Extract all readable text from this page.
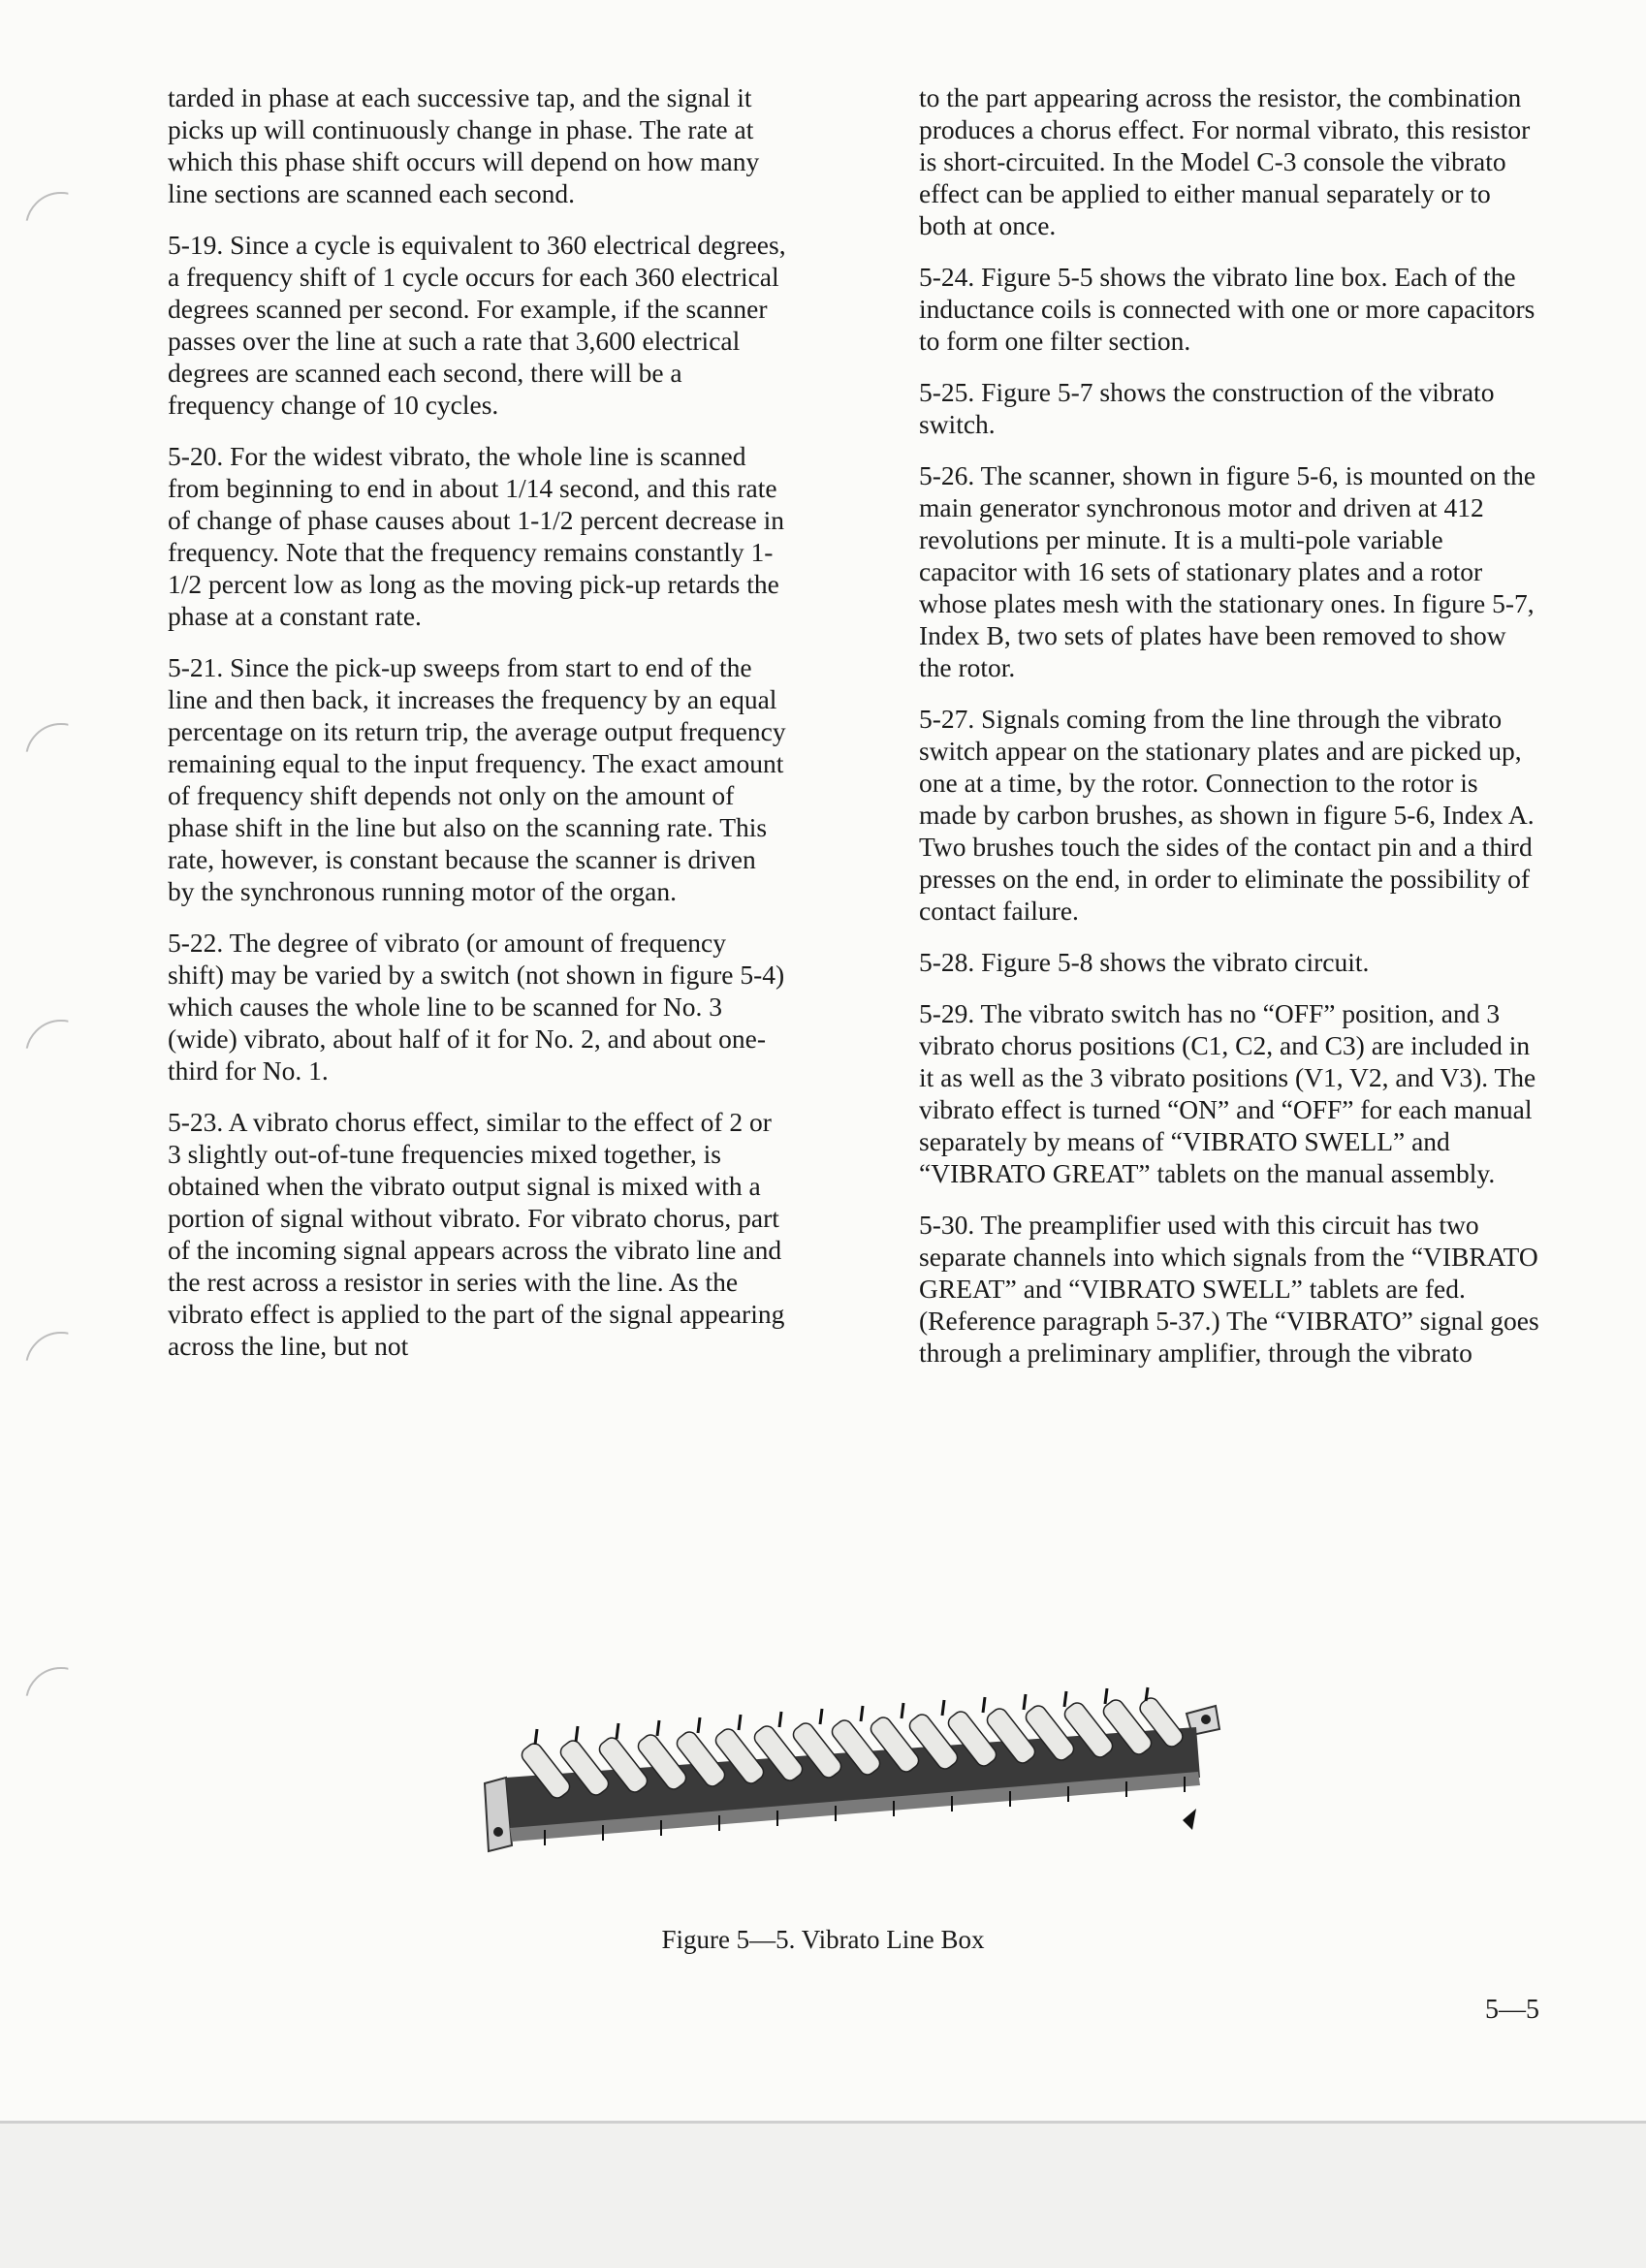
tarded in phase at each successive tap, and the signal it picks up will continuously change in phase. The rate at which this phase shift occurs will depend on how many line sections are scanned each second.

5-19. Since a cycle is equivalent to 360 electrical degrees, a frequency shift of 1 cycle occurs for each 360 electrical degrees scanned per second. For example, if the scanner passes over the line at such a rate that 3,600 electrical degrees are scanned each second, there will be a frequency change of 10 cycles.

5-20. For the widest vibrato, the whole line is scanned from beginning to end in about 1/14 second, and this rate of change of phase causes about 1-1/2 percent decrease in frequency. Note that the frequency remains constantly 1-1/2 percent low as long as the moving pick-up retards the phase at a constant rate.

5-21. Since the pick-up sweeps from start to end of the line and then back, it increases the frequency by an equal percentage on its return trip, the average output frequency remaining equal to the input frequency. The exact amount of frequency shift depends not only on the amount of phase shift in the line but also on the scanning rate. This rate, however, is constant because the scanner is driven by the synchronous running motor of the organ.

5-22. The degree of vibrato (or amount of frequency shift) may be varied by a switch (not shown in figure 5-4) which causes the whole line to be scanned for No. 3 (wide) vibrato, about half of it for No. 2, and about one-third for No. 1.

5-23. A vibrato chorus effect, similar to the effect of 2 or 3 slightly out-of-tune frequencies mixed together, is obtained when the vibrato output signal is mixed with a portion of signal without vibrato. For vibrato chorus, part of the incoming signal appears across the vibrato line and the rest across a resistor in series with the line. As the vibrato effect is applied to the part of the signal appearing across the line, but not

to the part appearing across the resistor, the combination produces a chorus effect. For normal vibrato, this resistor is short-circuited. In the Model C-3 console the vibrato effect can be applied to either manual separately or to both at once.

5-24. Figure 5-5 shows the vibrato line box. Each of the inductance coils is connected with one or more capacitors to form one filter section.

5-25. Figure 5-7 shows the construction of the vibrato switch.

5-26. The scanner, shown in figure 5-6, is mounted on the main generator synchronous motor and driven at 412 revolutions per minute. It is a multi-pole variable capacitor with 16 sets of stationary plates and a rotor whose plates mesh with the stationary ones. In figure 5-7, Index B, two sets of plates have been removed to show the rotor.

5-27. Signals coming from the line through the vibrato switch appear on the stationary plates and are picked up, one at a time, by the rotor. Connection to the rotor is made by carbon brushes, as shown in figure 5-6, Index A. Two brushes touch the sides of the contact pin and a third presses on the end, in order to eliminate the possibility of contact failure.

5-28. Figure 5-8 shows the vibrato circuit.

5-29. The vibrato switch has no “OFF” position, and 3 vibrato chorus positions (C1, C2, and C3) are included in it as well as the 3 vibrato positions (V1, V2, and V3). The vibrato effect is turned “ON” and “OFF” for each manual separately by means of “VIBRATO SWELL” and “VIBRATO GREAT” tablets on the manual assembly.

5-30. The preamplifier used with this circuit has two separate channels into which signals from the “VIBRATO GREAT” and “VIBRATO SWELL” tablets are fed. (Reference paragraph 5-37.) The “VIBRATO” signal goes through a preliminary amplifier, through the vibrato

Figure 5—5. Vibrato Line Box
5—5
